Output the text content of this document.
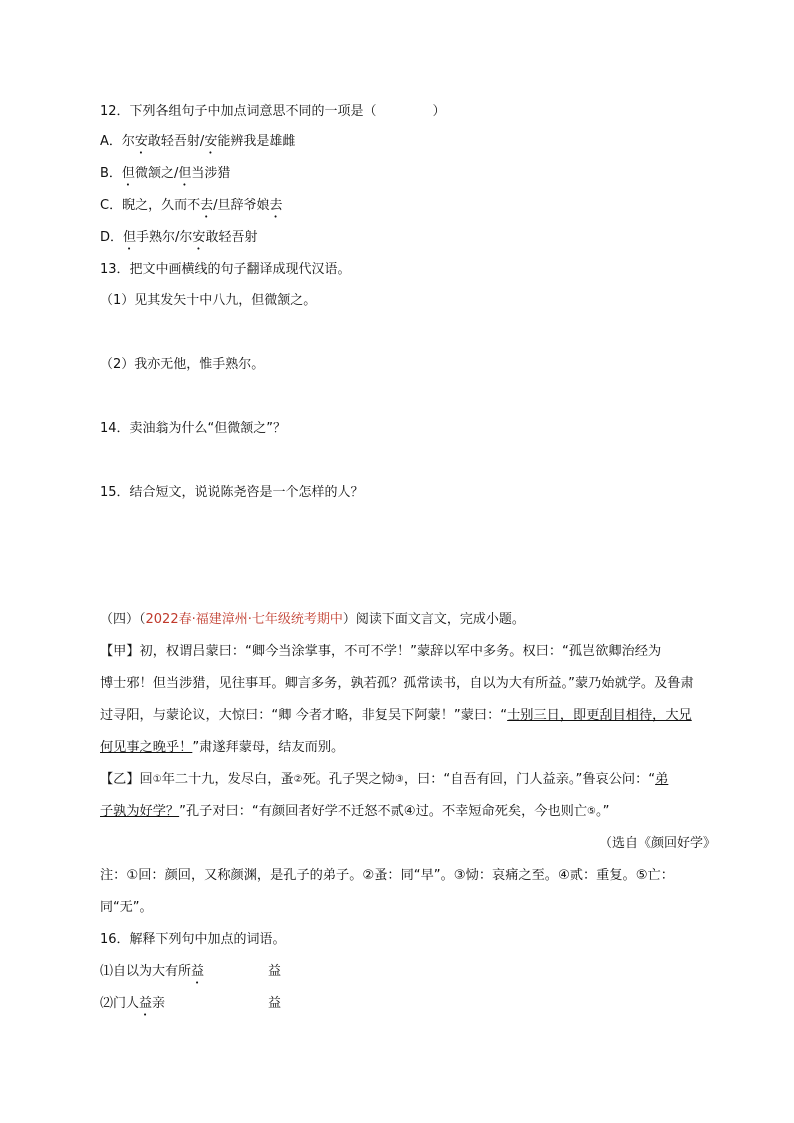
12．下列各组句子中加点词意思不同的一项是（	）
A．尔安敢轻吾射/安能辨我是雄雌
B．但微颔之/但当涉猎
C．睨之，久而不去/旦辞爷娘去
D．但手熟尔/尔安敢轻吾射
13．把文中画横线的句子翻译成现代汉语。
（1）见其发矢十中八九，但微颔之。
（2）我亦无他，惟手熟尔。
14．卖油翁为什么“但微颔之”？
15．结合短文，说说陈尧咨是一个怎样的人？
（四）（2022春·福建漳州·七年级统考期中）阅读下面文言文，完成小题。
【甲】初，权谓吕蒙曰：“卿今当涂掌事，不可不学！”蒙辞以军中多务。权曰：“孤岂欲卿治经为
博士邪！但当涉猎，见往事耳。卿言多务，孰若孤？孤常读书，自以为大有所益。”蒙乃始就学。及鲁肃
过寻阳，与蒙论议，大惊曰：“卿 今者才略，非复吴下阿蒙！”蒙曰：“士别三日，即更刮目相待，大兄
何见事之晚乎！”肃遂拜蒙母，结友而别。
【乙】回①年二十九，发尽白，蚤②死。孔子哭之恸③，曰：“自吾有回，门人益亲。”鲁哀公问：“弟
子孰为好学？”孔子对曰：“有颜回者好学不迁怒不贰④过。不幸短命死矣，今也则亡⑤。”
（选自《颜回好学》
注：①回：颜回，又称颜渊，是孔子的弟子。②蚤：同“早”。③恸：哀痛之至。④贰：重复。⑤亡：
同“无”。
16．解释下列句中加点的词语。
⑴自以为大有所益	益
⑵门人益亲	益
